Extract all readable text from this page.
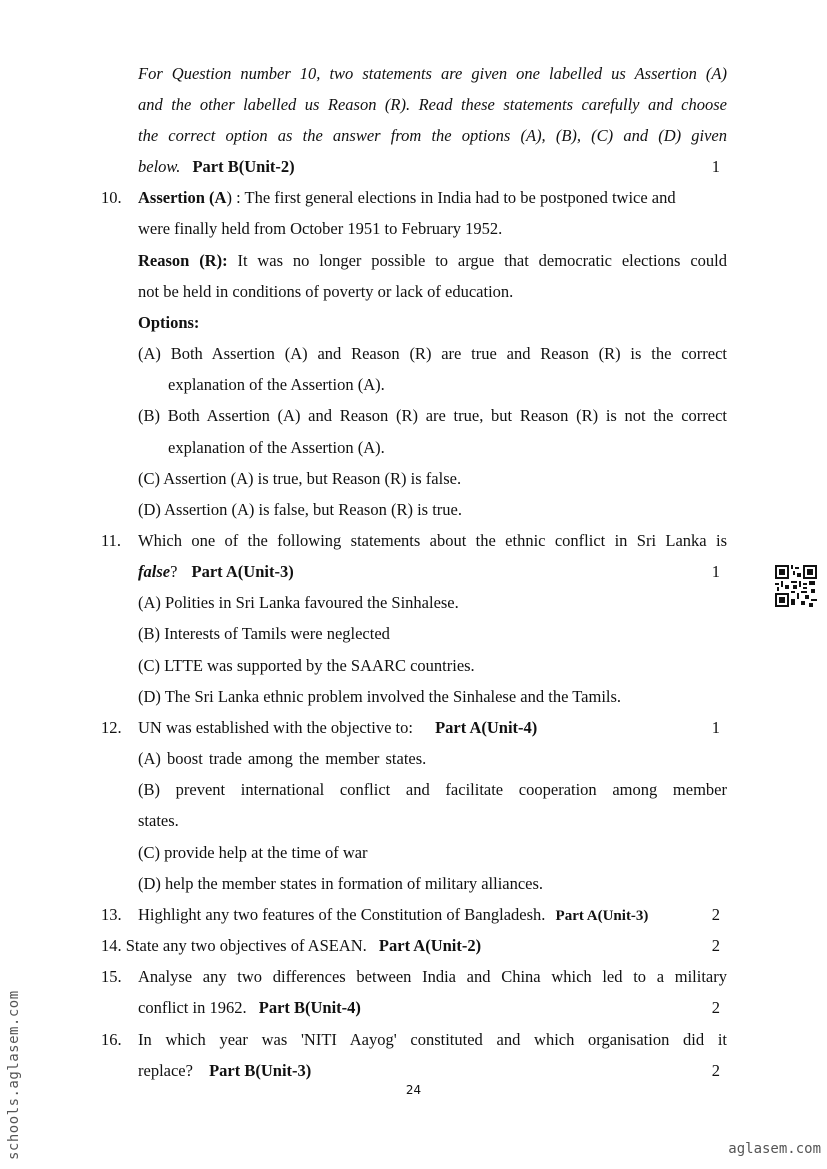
For Question number 10, two statements are given one labelled us Assertion (A)
and the other labelled us Reason (R). Read these statements carefully and choose
the correct option as the answer from the options (A), (B), (C) and (D) given
below. Part B(Unit-2)	1
10. Assertion (A) : The first general elections in India had to be postponed twice and
were finally held from October 1951 to February 1952.
Reason (R): It was no longer possible to argue that democratic elections could
not be held in conditions of poverty or lack of education.
Options:
(A) Both Assertion (A) and Reason (R) are true and Reason (R) is the correct
explanation of the Assertion (A).
(B) Both Assertion (A) and Reason (R) are true, but Reason (R) is not the correct
explanation of the Assertion (A).
(C) Assertion (A) is true, but Reason (R) is false.
(D) Assertion (A) is false, but Reason (R) is true.
11. Which one of the following statements about the ethnic conflict in Sri Lanka is
false? Part A(Unit-3)	1
(A) Polities in Sri Lanka favoured the Sinhalese.
(B) Interests of Tamils were neglected
(C) LTTE was supported by the SAARC countries.
(D) The Sri Lanka ethnic problem involved the Sinhalese and the Tamils.
12. UN was established with the objective to: Part A(Unit-4)	1
(A) boost trade among the member states.
(B) prevent international conflict and facilitate cooperation among member
states.
(C) provide help at the time of war
(D) help the member states in formation of military alliances.
13. Highlight any two features of the Constitution of Bangladesh. Part A(Unit-3)	2
14. State any two objectives of ASEAN. Part A(Unit-2)	2
15. Analyse any two differences between India and China which led to a military
conflict in 1962. Part B(Unit-4)	2
16. In which year was 'NITI Aayog' constituted and which organisation did it
replace? Part B(Unit-3)	2
24
schools.aglasem.com	aglasem.com
